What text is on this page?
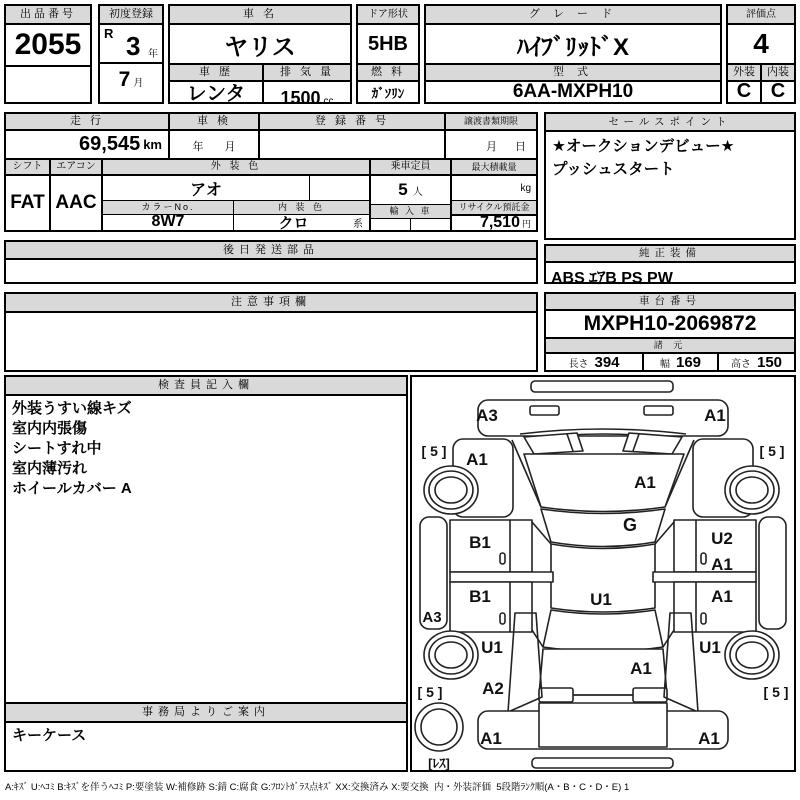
出品番号
2055
初度登録
R 3 年
7 月
車 名
ヤリス
車 歴	排 気 量
レンタ	1500 cc
ドア形状
5HB
燃 料
ｶﾞｿﾘﾝ
グ レ ー ド
ﾊｲﾌﾞﾘｯﾄﾞX
型 式
6AA-MXPH10
評価点
4
外装	内装
C C
走 行
69,545 km
車 検
年 月
登 録 番 号	譲渡書類期限
月 日
シフト
FAT
エアコン
AAC
外 装 色
アオ
カラーNo.	内 装 色
8W7	クロ	系
乗車定員
5 人
輸 入 車
最大積載量
kg
リサイクル預託金
7,510 円
後日発送部品
注意事項欄
セールスポイント
★オークションデビュー★
プッシュスタート
純正装備
ABS ｴｱB PS PW
車台番号
MXPH10-2069872
諸 元
長さ 394	幅 169	高さ 150
検査員記入欄
外装うすい線キズ
室内内張傷
シートすれ中
室内薄汚れ
ホイールカバー A
事務局よりご案内
キーケース
A3	A1
[ 5 ]	[ 5 ]
A1
A1
G
B1	U2
A1
B1	U1	A1
A3
U1	U1
A2
A1
[ 5 ]	[ 5 ]
A1	A1
[ﾚｽ]
A:ｷｽﾞ U:ﾍｺﾐ B:ｷｽﾞを伴うﾍｺﾐ P:要塗装 W:補修跡 S:錆 C:腐食 G:ﾌﾛﾝﾄｶﾞﾗｽ点ｷｽﾞ XX:交換済み X:要交換  内・外装評価  5段階ﾗﾝｸ順(A・B・C・D・E) 1
